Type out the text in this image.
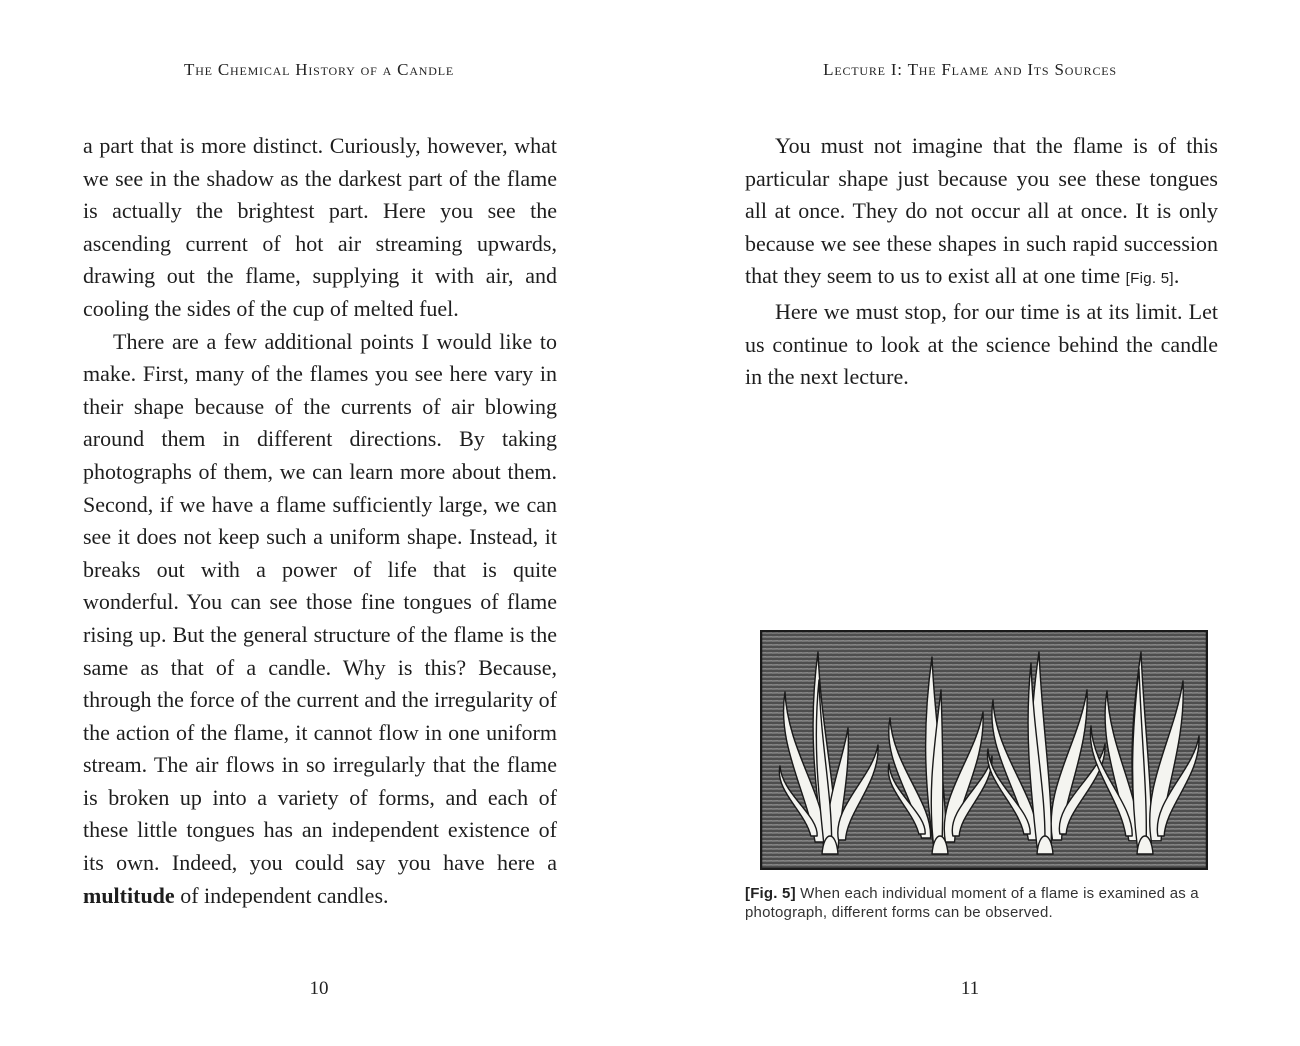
The Chemical History of a Candle

a part that is more distinct. Curiously, however, what we see in the shadow as the darkest part of the flame is actually the brightest part. Here you see the ascending current of hot air streaming upwards, drawing out the flame, supplying it with air, and cooling the sides of the cup of melted fuel.

There are a few additional points I would like to make. First, many of the flames you see here vary in their shape because of the currents of air blowing around them in different directions. By taking photographs of them, we can learn more about them. Second, if we have a flame sufficiently large, we can see it does not keep such a uniform shape. Instead, it breaks out with a power of life that is quite wonderful. You can see those fine tongues of flame rising up. But the general structure of the flame is the same as that of a candle. Why is this? Because, through the force of the current and the irregularity of the action of the flame, it cannot flow in one uniform stream. The air flows in so irregularly that the flame is broken up into a variety of forms, and each of these little tongues has an independent existence of its own. Indeed, you could say you have here a multitude of independent candles.

10
Lecture I: The Flame and Its Sources

You must not imagine that the flame is of this particular shape just because you see these tongues all at once. They do not occur all at once. It is only because we see these shapes in such rapid succession that they seem to us to exist all at one time [Fig. 5].

Here we must stop, for our time is at its limit. Let us continue to look at the science behind the candle in the next lecture.

[Fig. 5] When each individual moment of a flame is examined as a photograph, different forms can be observed.
11
